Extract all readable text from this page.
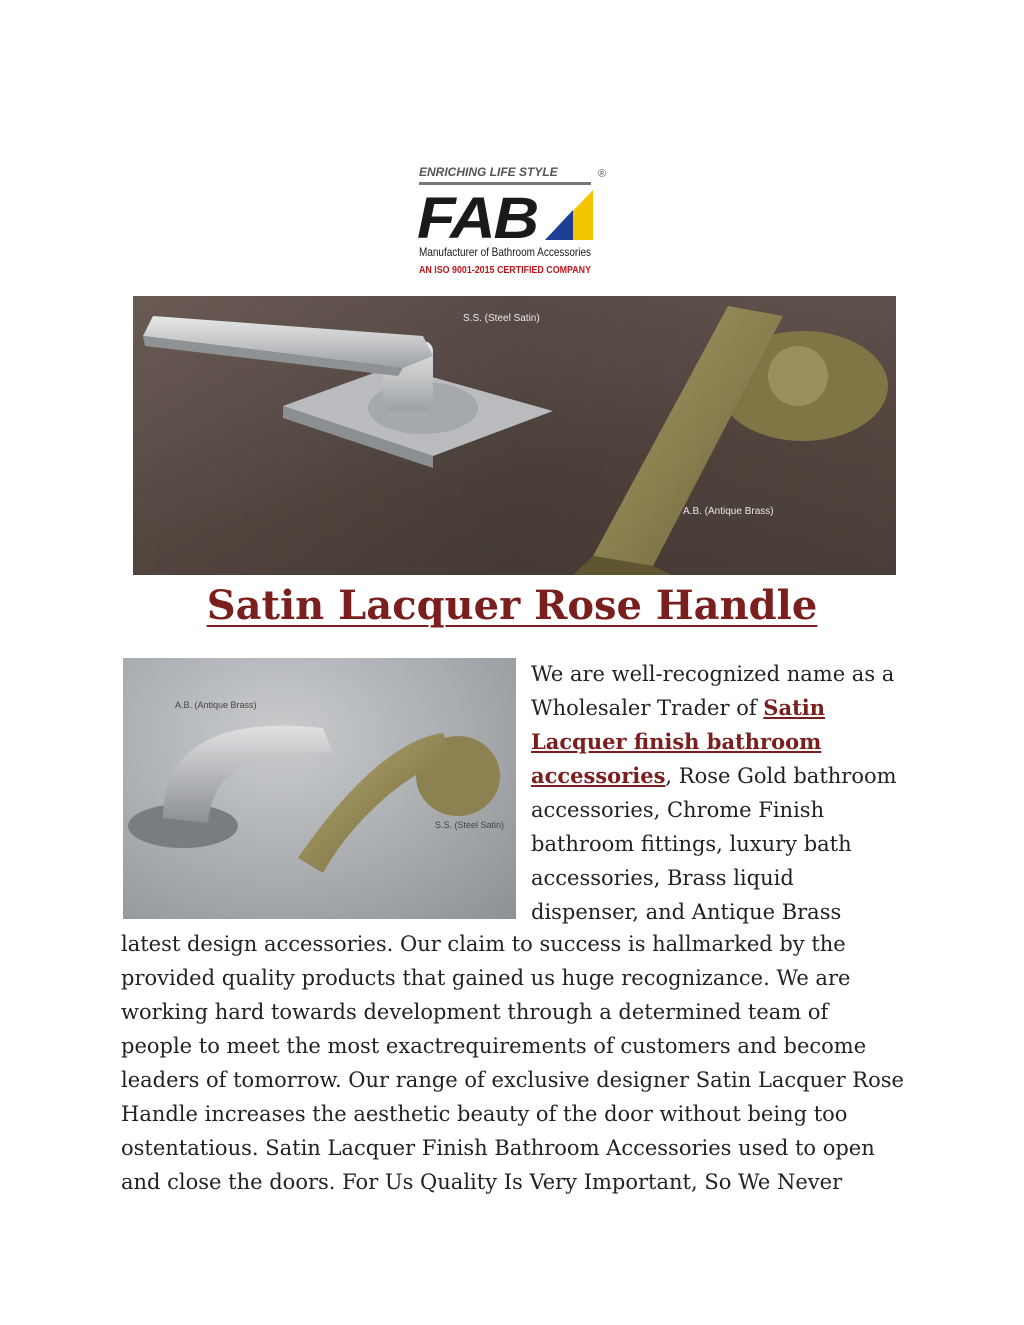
ENRICHING LIFE STYLE	®
FAB
Manufacturer of Bathroom Accessories
AN ISO 9001-2015 CERTIFIED COMPANY
S.S. (Steel Satin)
A.B. (Antique Brass)
Satin Lacquer Rose Handle
A.B. (Antique Brass)
S.S. (Steel Satin)
We are well-recognized name as a
Wholesaler Trader of Satin
Lacquer finish bathroom
accessories, Rose Gold bathroom
accessories, Chrome Finish
bathroom fittings, luxury bath
accessories, Brass liquid
dispenser, and Antique Brass
latest design accessories. Our claim to success is hallmarked by the
provided quality products that gained us huge recognizance. We are
working hard towards development through a determined team of
people to meet the most exactrequirements of customers and become
leaders of tomorrow. Our range of exclusive designer Satin Lacquer Rose
Handle increases the aesthetic beauty of the door without being too
ostentatious. Satin Lacquer Finish Bathroom Accessories used to open
and close the doors. For Us Quality Is Very Important, So We Never
